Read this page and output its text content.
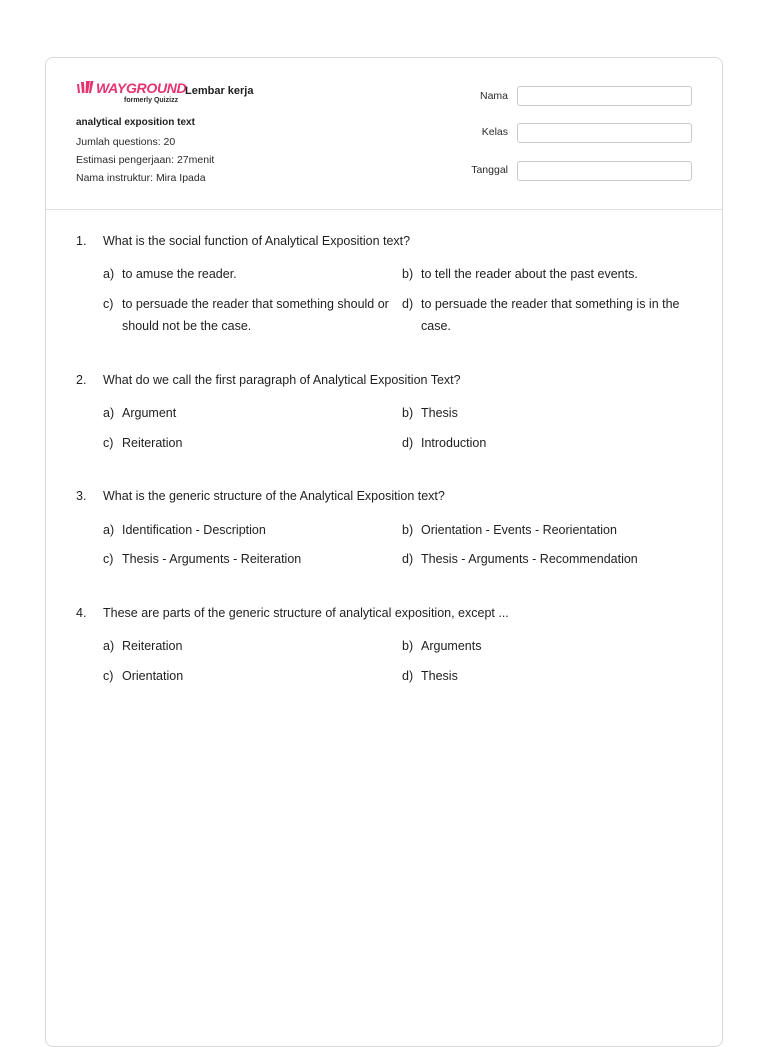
WAYGROUND
formerly Quizizz
Lembar kerja
analytical exposition text
Jumlah questions: 20
Estimasi pengerjaan: 27menit
Nama instruktur: Mira Ipada
Nama
Kelas
Tanggal
1.	What is the social function of Analytical Exposition text?
a) to amuse the reader.	b) to tell the reader about the past events.
c) to persuade the reader that something should or should not be the case.
d) to persuade the reader that something is in the case.
2.	What do we call the first paragraph of Analytical Exposition Text?
a) Argument	b) Thesis
c) Reiteration	d) Introduction
3.	What is the generic structure of the Analytical Exposition text?
a) Identification - Description	b) Orientation - Events - Reorientation
c) Thesis - Arguments - Reiteration	d) Thesis - Arguments - Recommendation
4.	These are parts of the generic structure of analytical exposition, except ...
a) Reiteration	b) Arguments
c) Orientation	d) Thesis
